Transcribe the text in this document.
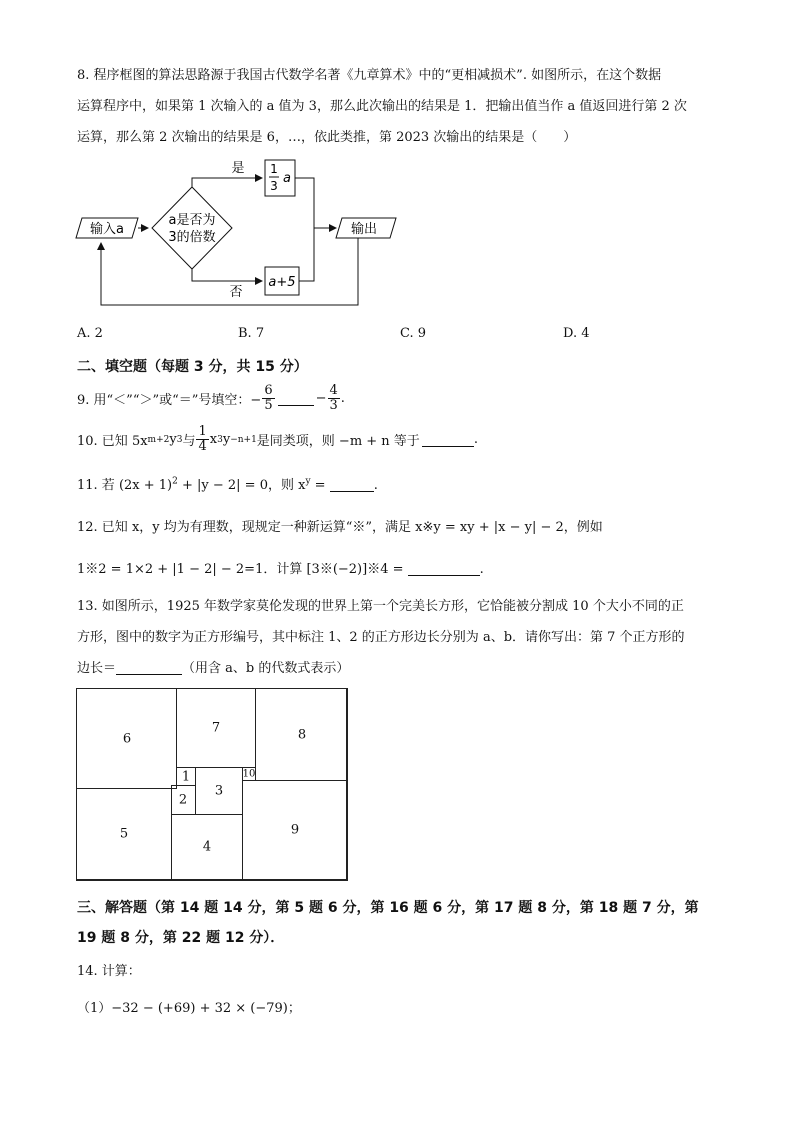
8. 程序框图的算法思路源于我国古代数学名著《九章算术》中的“更相减损术”. 如图所示，在这个数据
运算程序中，如果第 1 次输入的 a 值为 3，那么此次输出的结果是 1．把输出值当作 a 值返回进行第 2 次
运算，那么第 2 次输出的结果是 6，…，依此类推，第 2023 次输出的结果是（　　）
输入a
a是否为
3的倍数
是 1
3 a
否
a+5
输出
A. 2	B. 7	C. 9	D. 4
二、填空题（每题 3 分，共 15 分）
9. 用“＜”“＞”或“＝”号填空：− $\frac{6}{5}$	− $\frac{4}{3}$ .
10. 已知 5x m+2 y 3 与 $\frac{1}{4}$ x 3 y −n+1 是同类项，则 −m + n 等于	.
11. 若 $(2x + 1)^2 + |y - 2| = 0$，则 $x^y$ =	.
12. 已知 x，y 均为有理数，现规定一种新运算“※”，满足 x※y = xy + |x − y| − 2，例如
1※2 = 1×2 + |1 − 2| − 2=1．计算 [3※(−2)]※4 =	.
13. 如图所示，1925 年数学家莫伦发现的世界上第一个完美长方形，它恰能被分割成 10 个大小不同的正
方形，图中的数字为正方形编号，其中标注 1、2 的正方形边长分别为 a、b．请你写出：第 7 个正方形的
边长＝	（用含 a、b 的代数式表示）
6
7	8
1
3
10
2
5
4
9
三、解答题（第 14 题 14 分，第 5 题 6 分，第 16 题 6 分，第 17 题 8 分，第 18 题 7 分，第
19 题 8 分，第 22 题 12 分）．
14. 计算：
（1）−32 − (+69) + 32 × (−79)；
